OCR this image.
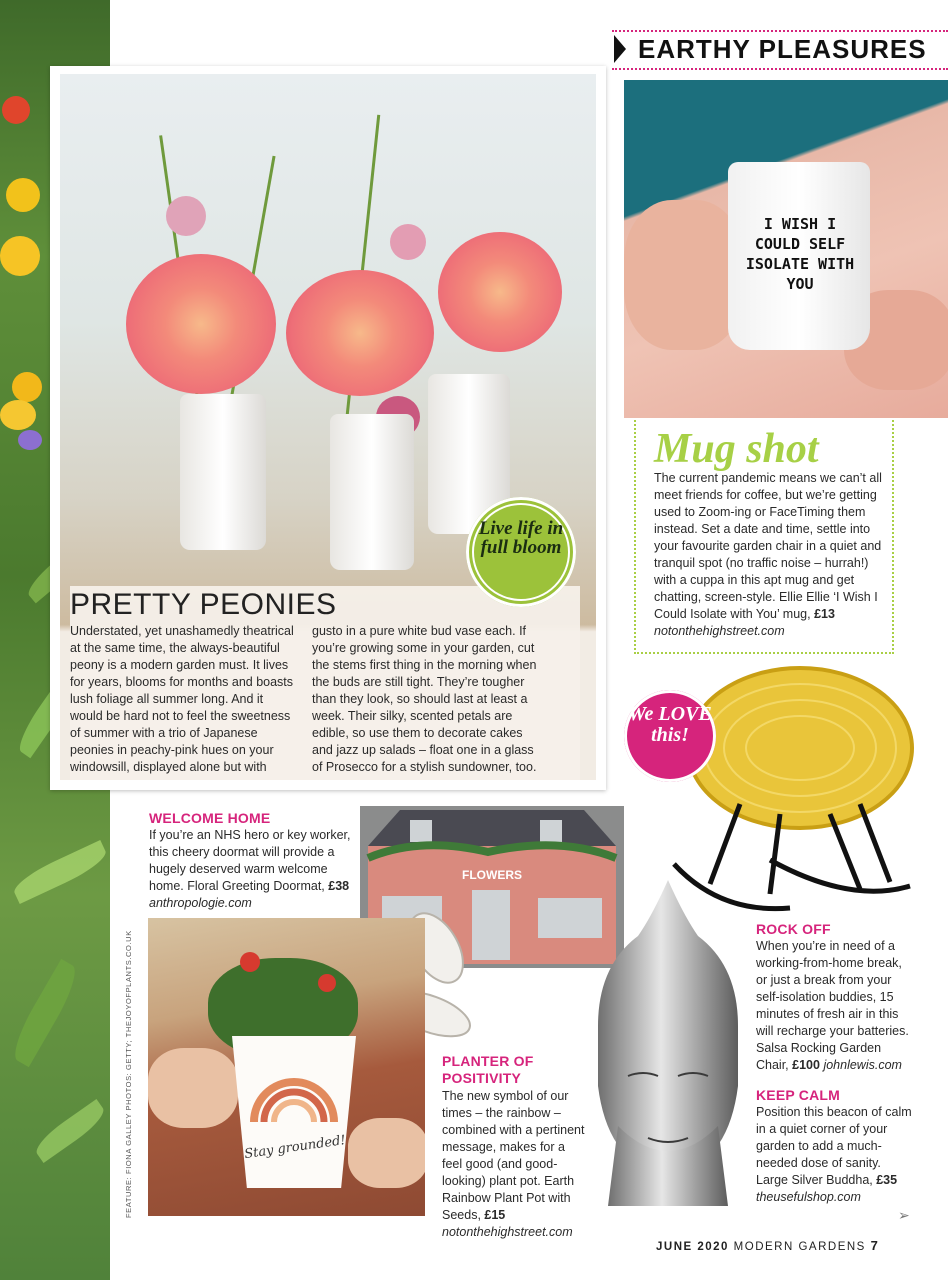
EARTHY PLEASURES
PRETTY PEONIES
Understated, yet unashamedly theatrical at the same time, the always-beautiful peony is a modern garden must. It lives for years, blooms for months and boasts lush foliage all summer long. And it would be hard not to feel the sweetness of summer with a trio of Japanese peonies in peachy-pink hues on your windowsill, displayed alone but with
gusto in a pure white bud vase each. If you’re growing some in your garden, cut the stems first thing in the morning when the buds are still tight. They’re tougher than they look, so should last at least a week. Their silky, scented petals are edible, so use them to decorate cakes and jazz up salads – float one in a glass of Prosecco for a stylish sundowner, too.
Live life in full bloom
I WISH I COULD SELF ISOLATE WITH YOU
Mug shot
The current pandemic means we can’t all meet friends for coffee, but we’re getting used to Zoom-ing or FaceTiming them instead. Set a date and time, settle into your favourite garden chair in a quiet and tranquil spot (no traffic noise – hurrah!) with a cuppa in this apt mug and get chatting, screen-style. Ellie Ellie ‘I Wish I Could Isolate with You’ mug, £13 notonthehighstreet.com
We LOVE this!
FLOWERS
WELCOME HOME
If you’re an NHS hero or key worker, this cheery doormat will provide a hugely deserved warm welcome home. Floral Greeting Doormat, £38 anthropologie.com
Stay grounded!
ROCK OFF
When you’re in need of a working-from-home break, or just a break from your self-isolation buddies, 15 minutes of fresh air in this will recharge your batteries. Salsa Rocking Garden Chair, £100 johnlewis.com
PLANTER OF POSITIVITY
The new symbol of our times – the rainbow – combined with a pertinent message, makes for a feel good (and good-looking) plant pot. Earth Rainbow Plant Pot with Seeds, £15 notonthehighstreet.com
KEEP CALM
Position this beacon of calm in a quiet corner of your garden to add a much-needed dose of sanity. Large Silver Buddha, £35 theusefulshop.com
FEATURE: FIONA GALLEY PHOTOS: GETTY; THEJOYOFPLANTS.CO.UK	➢
JUNE 2020 MODERN GARDENS 7
